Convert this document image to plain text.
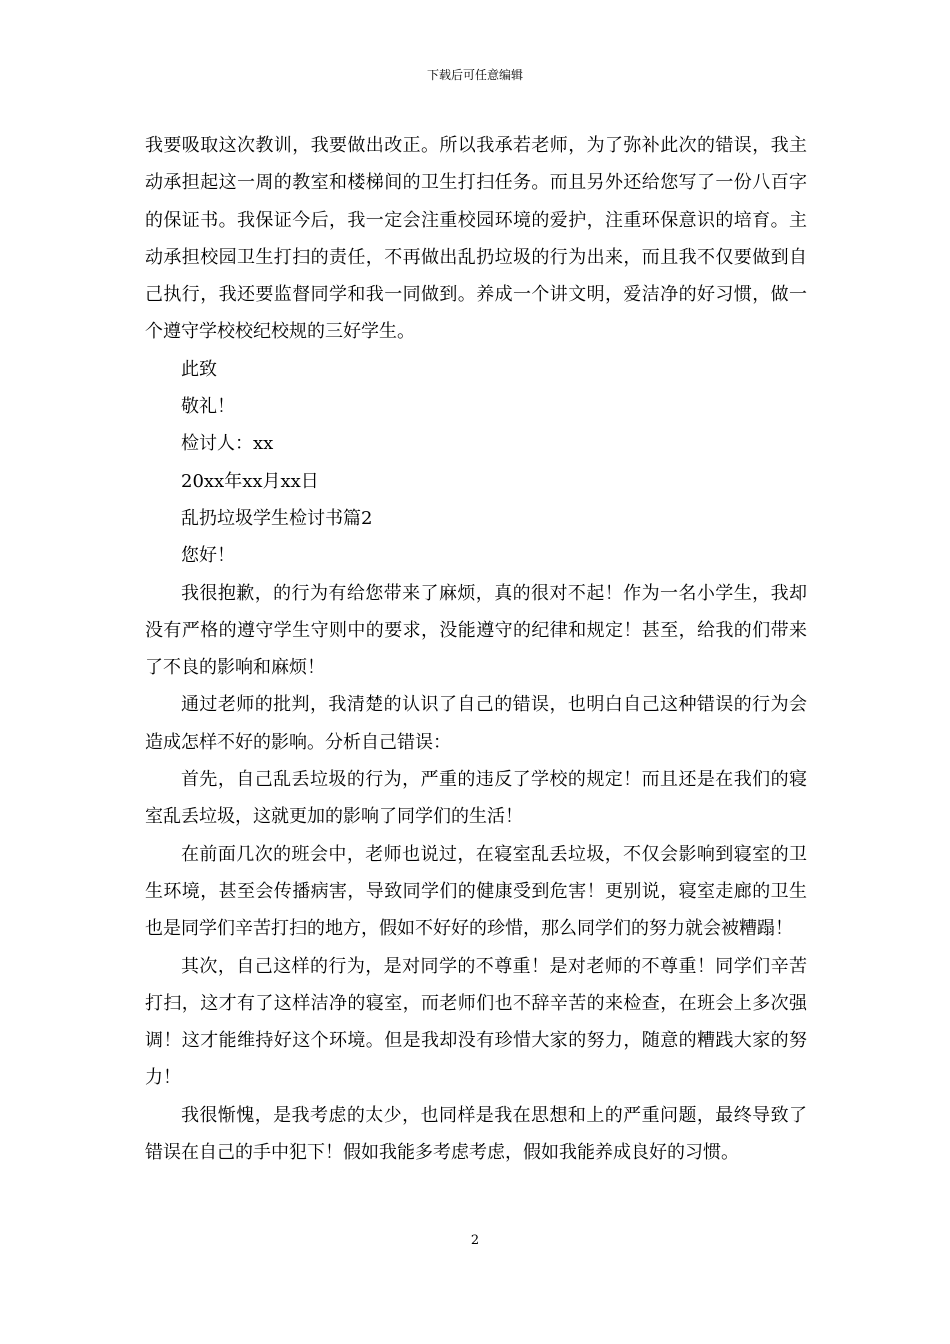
下载后可任意编辑

我要吸取这次教训，我要做出改正。所以我承若老师，为了弥补此次的错误，我主动承担起这一周的教室和楼梯间的卫生打扫任务。而且另外还给您写了一份八百字的保证书。我保证今后，我一定会注重校园环境的爱护，注重环保意识的培育。主动承担校园卫生打扫的责任，不再做出乱扔垃圾的行为出来，而且我不仅要做到自己执行，我还要监督同学和我一同做到。养成一个讲文明，爱洁净的好习惯，做一个遵守学校校纪校规的三好学生。

此致

敬礼！

检讨人：xx

20xx年xx月xx日

乱扔垃圾学生检讨书篇2

您好！

我很抱歉，的行为有给您带来了麻烦，真的很对不起！作为一名小学生，我却没有严格的遵守学生守则中的要求，没能遵守的纪律和规定！甚至，给我的们带来了不良的影响和麻烦！

通过老师的批判，我清楚的认识了自己的错误，也明白自己这种错误的行为会造成怎样不好的影响。分析自己错误：

首先，自己乱丢垃圾的行为，严重的违反了学校的规定！而且还是在我们的寝室乱丢垃圾，这就更加的影响了同学们的生活！

在前面几次的班会中，老师也说过，在寝室乱丢垃圾，不仅会影响到寝室的卫生环境，甚至会传播病害，导致同学们的健康受到危害！更别说，寝室走廊的卫生也是同学们辛苦打扫的地方，假如不好好的珍惜，那么同学们的努力就会被糟蹋！

其次，自己这样的行为，是对同学的不尊重！是对老师的不尊重！同学们辛苦打扫，这才有了这样洁净的寝室，而老师们也不辞辛苦的来检查，在班会上多次强调！这才能维持好这个环境。但是我却没有珍惜大家的努力，随意的糟践大家的努力！

我很惭愧，是我考虑的太少，也同样是我在思想和上的严重问题，最终导致了错误在自己的手中犯下！假如我能多考虑考虑，假如我能养成良好的习惯。

2
